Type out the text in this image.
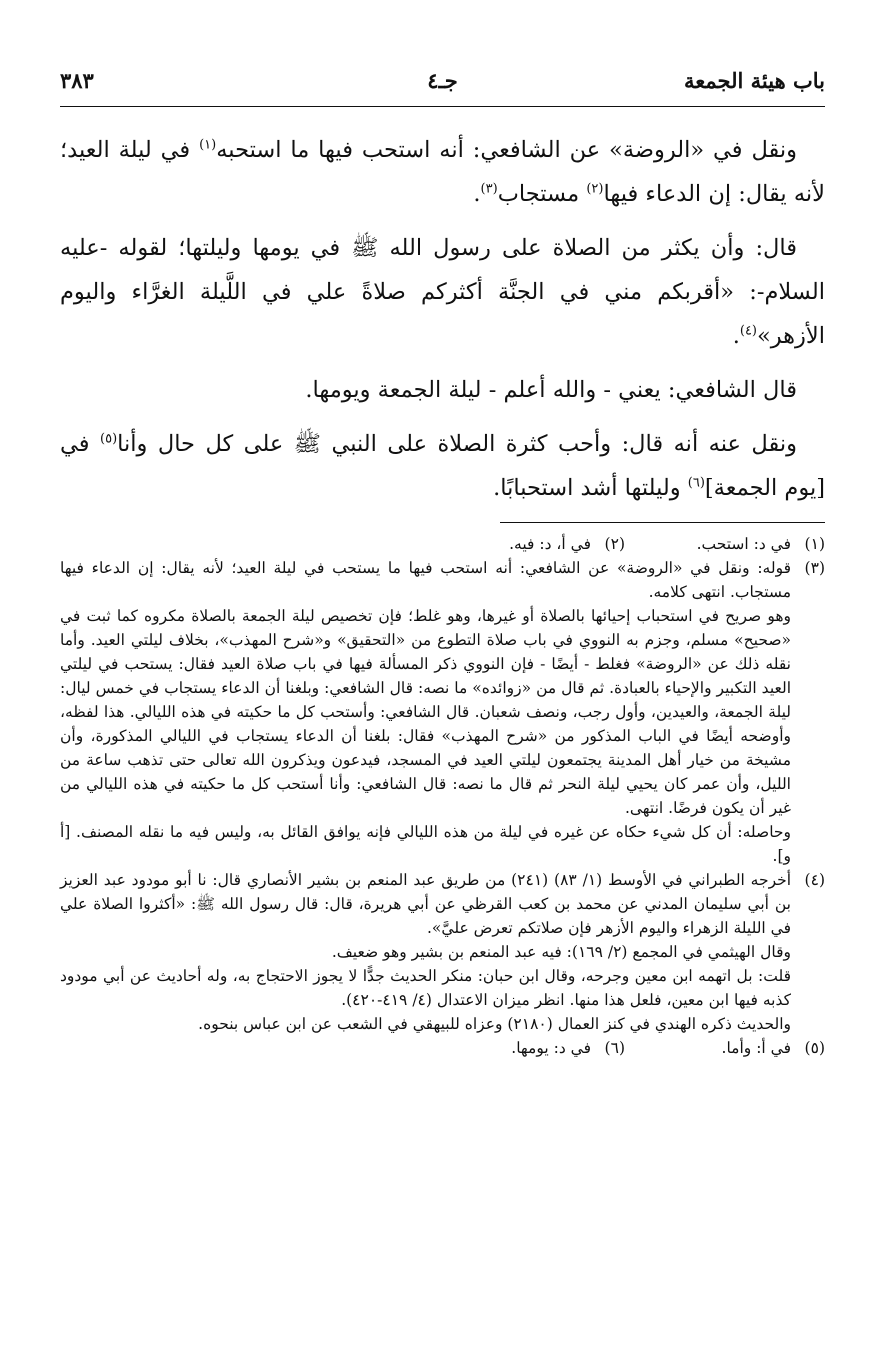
باب هيئة الجمعة
جـ٤
٣٨٣

ونقل في «الروضة» عن الشافعي: أنه استحب فيها ما استحبه$^{(١)}$ في ليلة العيد؛ لأنه يقال: إن الدعاء فيها$^{(٢)}$ مستجاب$^{(٣)}$.

قال: وأن يكثر من الصلاة على رسول الله ﷺ في يومها وليلتها؛ لقوله -عليه السلام-: «أقربكم مني في الجنَّة أكثركم صلاةً علي في اللَّيلة الغرَّاء واليوم الأزهر»$^{(٤)}$.

قال الشافعي: يعني - والله أعلم - ليلة الجمعة ويومها.

ونقل عنه أنه قال: وأحب كثرة الصلاة على النبي ﷺ على كل حال وأنا$^{(٥)}$ في [يوم الجمعة]$^{(٦)}$ وليلتها أشد استحبابًا.

(١)
في د: استحب.
(٢)
في أ، د: فيه.
(٣)

قوله: ونقل في «الروضة» عن الشافعي: أنه استحب فيها ما يستحب في ليلة العيد؛ لأنه يقال: إن الدعاء فيها مستجاب. انتهى كلامه.

وهو صريح في استحباب إحيائها بالصلاة أو غيرها، وهو غلط؛ فإن تخصيص ليلة الجمعة بالصلاة مكروه كما ثبت في «صحيح» مسلم، وجزم به النووي في باب صلاة التطوع من «التحقيق» و«شرح المهذب»، بخلاف ليلتي العيد. وأما نقله ذلك عن «الروضة» فغلط - أيضًا - فإن النووي ذكر المسألة فيها في باب صلاة العيد فقال: يستحب في ليلتي العيد التكبير والإحياء بالعبادة. ثم قال من «زوائده» ما نصه: قال الشافعي: وبلغنا أن الدعاء يستجاب في خمس ليال: ليلة الجمعة، والعيدين، وأول رجب، ونصف شعبان. قال الشافعي: وأستحب كل ما حكيته في هذه الليالي. هذا لفظه، وأوضحه أيضًا في الباب المذكور من «شرح المهذب» فقال: بلغنا أن الدعاء يستجاب في الليالي المذكورة، وأن مشيخة من خيار أهل المدينة يجتمعون ليلتي العيد في المسجد، فيدعون ويذكرون الله تعالى حتى تذهب ساعة من الليل، وأن عمر كان يحيي ليلة النحر ثم قال ما نصه: قال الشافعي: وأنا أستحب كل ما حكيته في هذه الليالي من غير أن يكون فرضًا. انتهى.

وحاصله: أن كل شيء حكاه عن غيره في ليلة من هذه الليالي فإنه يوافق القائل به، وليس فيه ما نقله المصنف. [أ و].

(٤)

أخرجه الطبراني في الأوسط (١/ ٨٣) (٢٤١) من طريق عبد المنعم بن بشير الأنصاري قال: نا أبو مودود عبد العزيز بن أبي سليمان المدني عن محمد بن كعب القرظي عن أبي هريرة، قال: قال رسول الله ﷺ: «أكثروا الصلاة علي في الليلة الزهراء واليوم الأزهر فإن صلاتكم تعرض عليَّ».

وقال الهيثمي في المجمع (٢/ ١٦٩): فيه عبد المنعم بن بشير وهو ضعيف.

قلت: بل اتهمه ابن معين وجرحه، وقال ابن حبان: منكر الحديث جدًّا لا يجوز الاحتجاج به، وله أحاديث عن أبي مودود كذبه فيها ابن معين، فلعل هذا منها. انظر ميزان الاعتدال (٤/ ٤١٩-٤٢٠).

والحديث ذكره الهندي في كنز العمال (٢١٨٠) وعزاه للبيهقي في الشعب عن ابن عباس بنحوه.

(٥)
في أ: وأما.
(٦)
في د: يومها.
